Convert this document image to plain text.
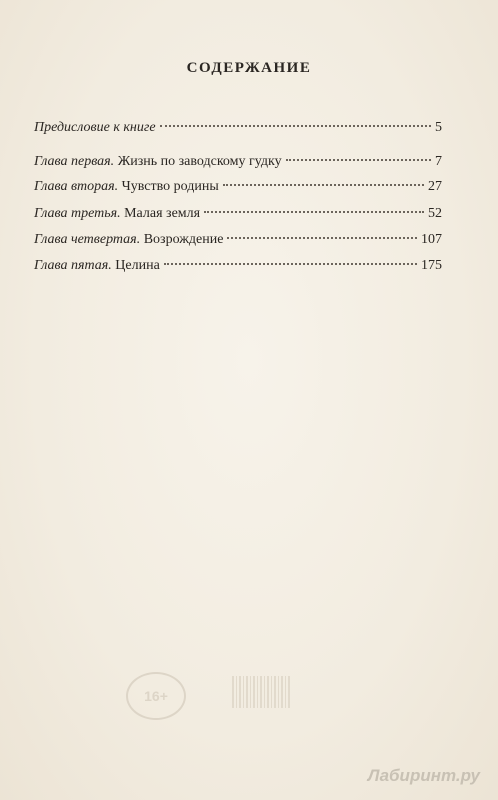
СОДЕРЖАНИЕ
Предисловие к книге	5
Глава первая. Жизнь по заводскому гудку	7
Глава вторая. Чувство родины	27
Глава третья. Малая земля	52
Глава четвертая. Возрождение	107
Глава пятая. Целина	175
16+
Лабиринт.ру
